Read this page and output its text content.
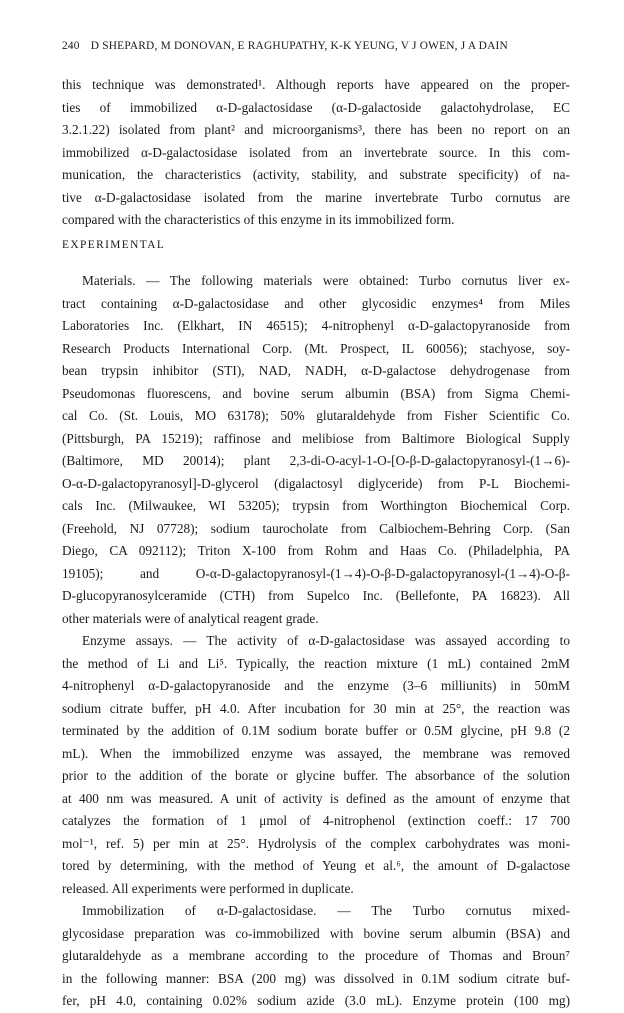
240 D SHEPARD, M DONOVAN, E RAGHUPATHY, K-K YEUNG, V J OWEN, J A DAIN
this technique was demonstrated¹. Although reports have appeared on the proper-
ties of immobilized α-D-galactosidase (α-D-galactoside galactohydrolase, EC
3.2.1.22) isolated from plant² and microorganisms³, there has been no report on an
immobilized α-D-galactosidase isolated from an invertebrate source. In this com-
munication, the characteristics (activity, stability, and substrate specificity) of na-
tive α-D-galactosidase isolated from the marine invertebrate Turbo cornutus are
compared with the characteristics of this enzyme in its immobilized form.
EXPERIMENTAL
Materials. — The following materials were obtained: Turbo cornutus liver ex-
tract containing α-D-galactosidase and other glycosidic enzymes⁴ from Miles
Laboratories Inc. (Elkhart, IN 46515); 4-nitrophenyl α-D-galactopyranoside from
Research Products International Corp. (Mt. Prospect, IL 60056); stachyose, soy-
bean trypsin inhibitor (STI), NAD, NADH, α-D-galactose dehydrogenase from
Pseudomonas fluorescens, and bovine serum albumin (BSA) from Sigma Chemi-
cal Co. (St. Louis, MO 63178); 50% glutaraldehyde from Fisher Scientific Co.
(Pittsburgh, PA 15219); raffinose and melibiose from Baltimore Biological Supply
(Baltimore, MD 20014); plant 2,3-di-O-acyl-1-O-[O-β-D-galactopyranosyl-(1→6)-
O-α-D-galactopyranosyl]-D-glycerol (digalactosyl diglyceride) from P-L Biochemi-
cals Inc. (Milwaukee, WI 53205); trypsin from Worthington Biochemical Corp.
(Freehold, NJ 07728); sodium taurocholate from Calbiochem-Behring Corp. (San
Diego, CA 092112); Triton X-100 from Rohm and Haas Co. (Philadelphia, PA
19105); and O-α-D-galactopyranosyl-(1→4)-O-β-D-galactopyranosyl-(1→4)-O-β-
D-glucopyranosylceramide (CTH) from Supelco Inc. (Bellefonte, PA 16823). All
other materials were of analytical reagent grade.
Enzyme assays. — The activity of α-D-galactosidase was assayed according to
the method of Li and Li⁵. Typically, the reaction mixture (1 mL) contained 2mM
4-nitrophenyl α-D-galactopyranoside and the enzyme (3–6 milliunits) in 50mM
sodium citrate buffer, pH 4.0. After incubation for 30 min at 25°, the reaction was
terminated by the addition of 0.1M sodium borate buffer or 0.5M glycine, pH 9.8 (2
mL). When the immobilized enzyme was assayed, the membrane was removed
prior to the addition of the borate or glycine buffer. The absorbance of the solution
at 400 nm was measured. A unit of activity is defined as the amount of enzyme that
catalyzes the formation of 1 μmol of 4-nitrophenol (extinction coeff.: 17 700
mol⁻¹, ref. 5) per min at 25°. Hydrolysis of the complex carbohydrates was moni-
tored by determining, with the method of Yeung et al.⁶, the amount of D-galactose
released. All experiments were performed in duplicate.
Immobilization of α-D-galactosidase. — The Turbo cornutus mixed-
glycosidase preparation was co-immobilized with bovine serum albumin (BSA) and
glutaraldehyde as a membrane according to the procedure of Thomas and Broun⁷
in the following manner: BSA (200 mg) was dissolved in 0.1M sodium citrate buf-
fer, pH 4.0, containing 0.02% sodium azide (3.0 mL). Enzyme protein (100 mg)
